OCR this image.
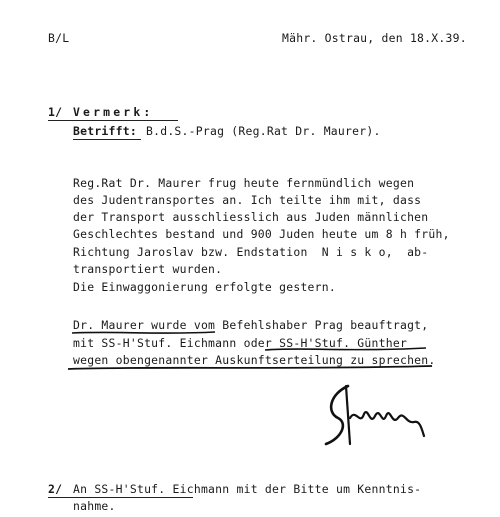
B/L	Mähr. Ostrau, den 18.X.39.

1/ Vermerk:

Betrifft: B.d.S.-Prag (Reg.Rat Dr. Maurer).

Reg.Rat Dr. Maurer frug heute fernmündlich wegen

des Judentransportes an. Ich teilte ihm mit, dass

der Transport ausschliesslich aus Juden männlichen

Geschlechtes bestand und 900 Juden heute um 8 h früh,

Richtung Jaroslav bzw. Endstation  N i s k o,  ab-

transportiert wurden.

Die Einwaggonierung erfolgte gestern.

Dr. Maurer wurde vom Befehlshaber Prag beauftragt,

mit SS-H'Stuf. Eichmann oder SS-H'Stuf. Günther

wegen obengenannter Auskunftserteilung zu sprechen.

2/ An SS-H'Stuf. Eichmann mit der Bitte um Kenntnis-

nahme.
